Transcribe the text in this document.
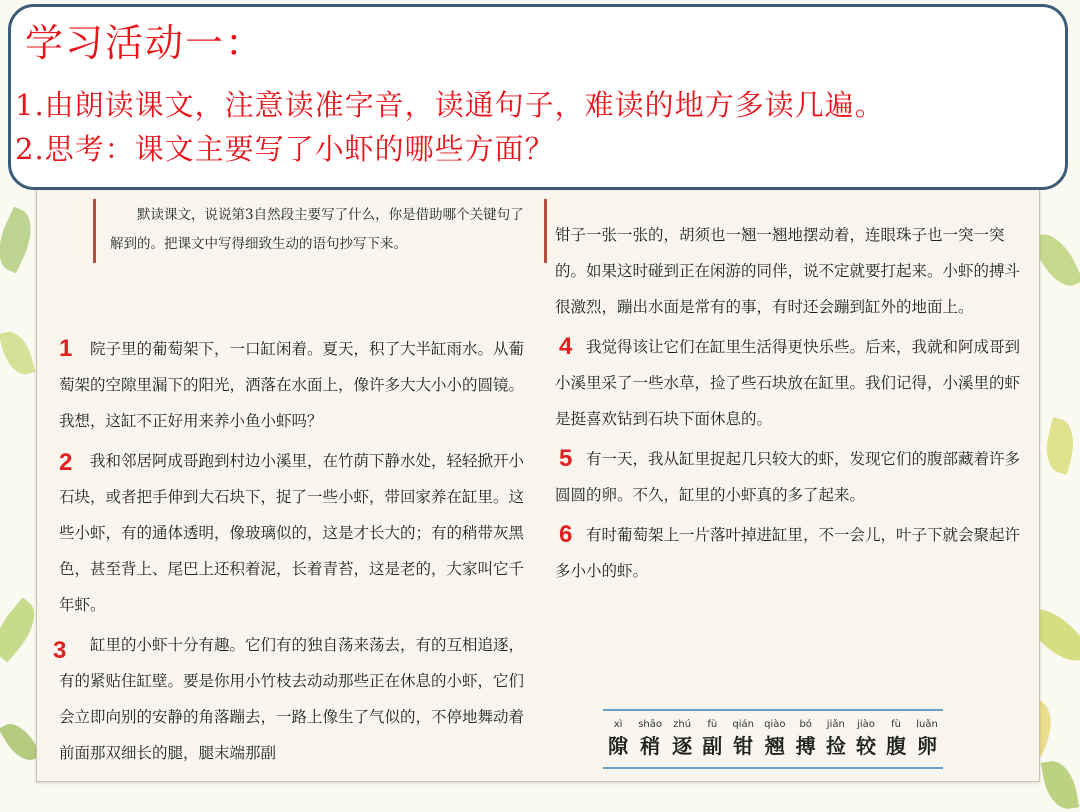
默读课文，说说第3自然段主要写了什么，你是借助哪个关键句了解到的。把课文中写得细致生动的语句抄写下来。

1 院子里的葡萄架下，一口缸闲着。夏天，积了大半缸雨水。从葡萄架的空隙里漏下的阳光，洒落在水面上，像许多大大小小的圆镜。我想，这缸不正好用来养小鱼小虾吗？

2 我和邻居阿成哥跑到村边小溪里，在竹荫下静水处，轻轻掀开小石块，或者把手伸到大石块下，捉了一些小虾，带回家养在缸里。这些小虾，有的通体透明，像玻璃似的，这是才长大的；有的稍带灰黑色，甚至背上、尾巴上还积着泥，长着青苔，这是老的，大家叫它千年虾。

3 缸里的小虾十分有趣。它们有的独自荡来荡去，有的互相追逐，有的紧贴住缸壁。要是你用小竹枝去动动那些正在休息的小虾，它们会立即向别的安静的角落蹦去，一路上像生了气似的，不停地舞动着前面那双细长的腿，腿末端那副

钳子一张一张的，胡须也一翘一翘地摆动着，连眼珠子也一突一突的。如果这时碰到正在闲游的同伴，说不定就要打起来。小虾的搏斗很激烈，蹦出水面是常有的事，有时还会蹦到缸外的地面上。

4 我觉得该让它们在缸里生活得更快乐些。后来，我就和阿成哥到小溪里采了一些水草，捡了些石块放在缸里。我们记得，小溪里的虾是挺喜欢钻到石块下面休息的。

5 有一天，我从缸里捉起几只较大的虾，发现它们的腹部藏着许多圆圆的卵。不久，缸里的小虾真的多了起来。

6 有时葡萄架上一片落叶掉进缸里，不一会儿，叶子下就会聚起许多小小的虾。

xì
隙
shāo
稍
zhú
逐
fù
副
qián
钳
qiào
翘
bó
搏
jiǎn
捡
jiào
较
fù
腹
luǎn
卵
学习活动一：
1.由朗读课文，注意读准字音，读通句子，难读的地方多读几遍。
2.思考：课文主要写了小虾的哪些方面？
